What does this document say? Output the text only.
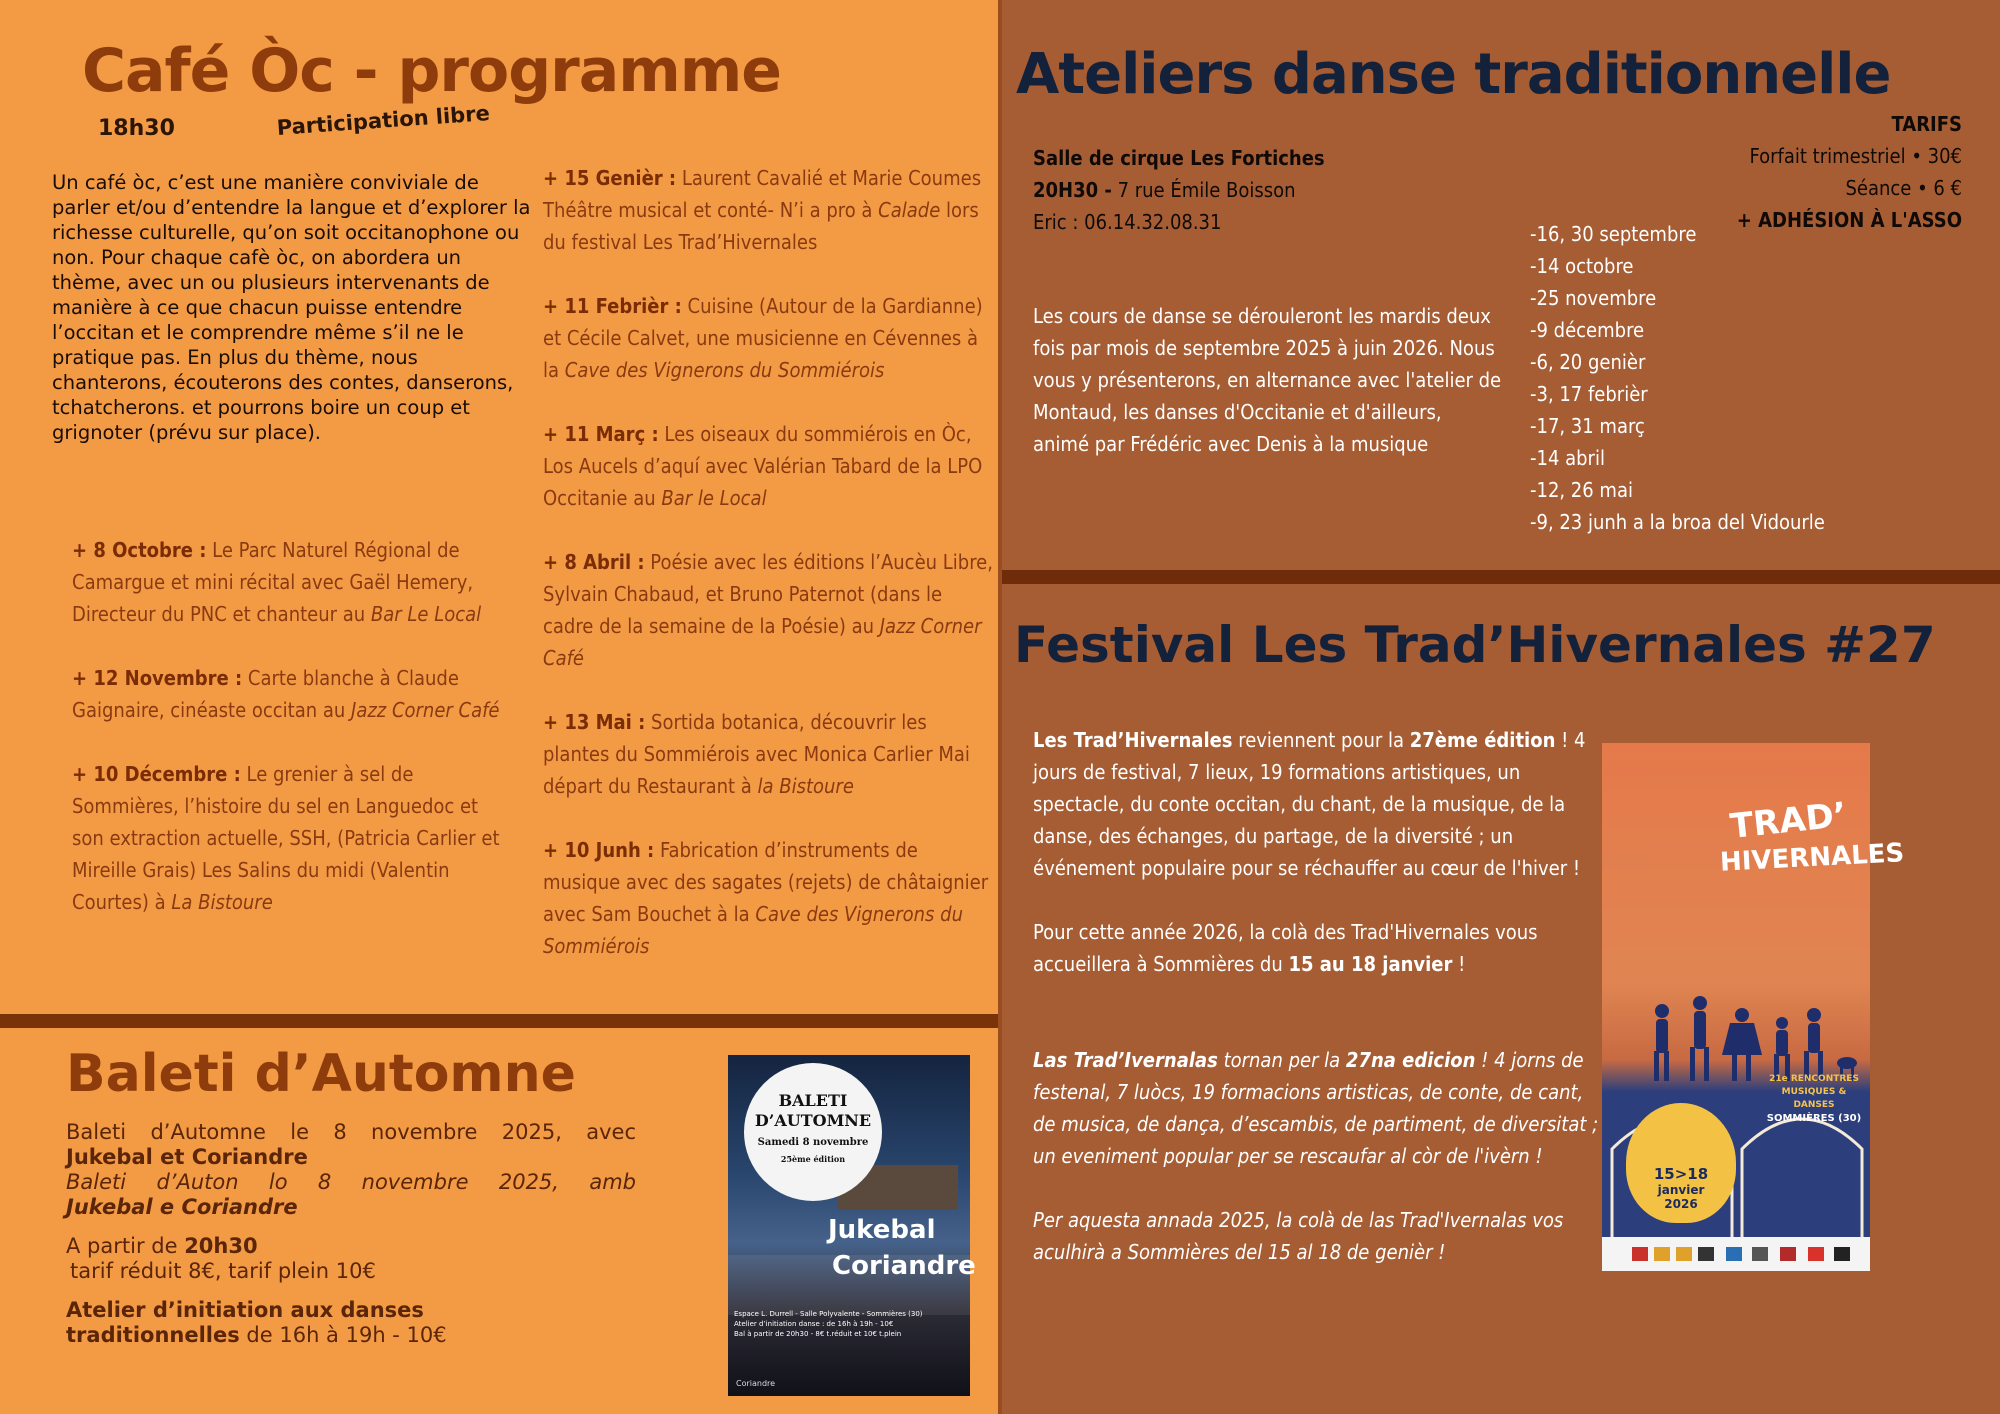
Café Òc - programme
18h30	Participation libre
Un café òc, c’est une manière conviviale de parler et/ou d’entendre la langue et d’explorer la richesse culturelle, qu’on soit occitanophone ou non. Pour chaque cafè òc, on abordera un thème, avec un ou plusieurs intervenants de manière à ce que chacun puisse entendre l’occitan et le comprendre même s’il ne le pratique pas. En plus du thème, nous chanterons, écouterons des contes, danserons, tchatcherons. et pourrons boire un coup et grignoter (prévu sur place).

+ 8 Octobre : Le Parc Naturel Régional de Camargue et mini récital avec Gaël Hemery, Directeur du PNC et chanteur au Bar Le Local

+ 12 Novembre : Carte blanche à Claude Gaignaire, cinéaste occitan au Jazz Corner Café

+ 10 Décembre : Le grenier à sel de Sommières, l’histoire du sel en Languedoc et son extraction actuelle, SSH, (Patricia Carlier et Mireille Grais) Les Salins du midi (Valentin Courtes) à La Bistoure

+ 15 Genièr : Laurent Cavalié et Marie Coumes Théâtre musical et conté- N’i a pro à Calade lors du festival Les Trad’Hivernales

+ 11 Febrièr : Cuisine (Autour de la Gardianne) et Cécile Calvet, une musicienne en Cévennes à la Cave des Vignerons du Sommiérois

+ 11 Març : Les oiseaux du sommiérois en Òc, Los Aucels d’aquí avec Valérian Tabard de la LPO Occitanie au Bar le Local

+ 8 Abril : Poésie avec les éditions l’Aucèu Libre, Sylvain Chabaud, et Bruno Paternot (dans le cadre de la semaine de la Poésie) au Jazz Corner Café

+ 13 Mai : Sortida botanica, découvrir les plantes du Sommiérois avec Monica Carlier Mai départ du Restaurant à la Bistoure

+ 10 Junh : Fabrication d’instruments de musique avec des sagates (rejets) de châtaignier avec Sam Bouchet à la Cave des Vignerons du Sommiérois

Baleti d’Automne
Baleti d’Automne le 8 novembre 2025, avec
Jukebal et Coriandre
Baleti d’Auton lo 8 novembre 2025, amb
Jukebal e Coriandre
A partir de 20h30
tarif réduit 8€, tarif plein 10€
Atelier d’initiation aux danses traditionnelles de 16h à 19h - 10€
BALETI D’AUTOMNE
Samedi 8 novembre
25ème édition
Jukebal
Coriandre
Espace L. Durrell - Salle Polyvalente - Sommières (30)
Atelier d’initiation danse : de 16h à 19h - 10€
Bal à partir de 20h30 - 8€ t.réduit et 10€ t.plein
Coriandre
Ateliers danse traditionnelle
Salle de cirque Les Fortiches
20H30 - 7 rue Émile Boisson
Eric : 06.14.32.08.31
TARIFS
Forfait trimestriel • 30€
Séance • 6 €
+ ADHÉSION À L'ASSO
Les cours de danse se dérouleront les mardis deux fois par mois de septembre 2025 à juin 2026. Nous vous y présenterons, en alternance avec l'atelier de Montaud, les danses d'Occitanie et d'ailleurs, animé par Frédéric avec Denis à la musique
-16, 30 septembre
-14 octobre
-25 novembre
-9 décembre
-6, 20 genièr
-3, 17 febrièr
-17, 31 març
-14 abril
-12, 26 mai
-9, 23 junh a la broa del Vidourle
Festival Les Trad’Hivernales #27

Les Trad’Hivernales reviennent pour la 27ème édition ! 4 jours de festival, 7 lieux, 19 formations artistiques, un spectacle, du conte occitan, du chant, de la musique, de la danse, des échanges, du partage, de la diversité ; un événement populaire pour se réchauffer au cœur de l'hiver !

Pour cette année 2026, la colà des Trad'Hivernales vous accueillera à Sommières du 15 au 18 janvier !

Las Trad’Ivernalas tornan per la 27na edicion ! 4 jorns de festenal, 7 luòcs, 19 formacions artisticas, de conte, de cant, de musica, de dança, d’escambis, de partiment, de diversitat ; un eveniment popular per se rescaufar al còr de l'ivèrn !

Per aquesta annada 2025, la colà de las Trad'Ivernalas vos aculhirà a Sommières del 15 al 18 de genièr !

TRAD’
HIVERNALES
21e RENCONTRES MUSIQUES & DANSES
SOMMIÈRES (30)
15>18
janvier
2026
